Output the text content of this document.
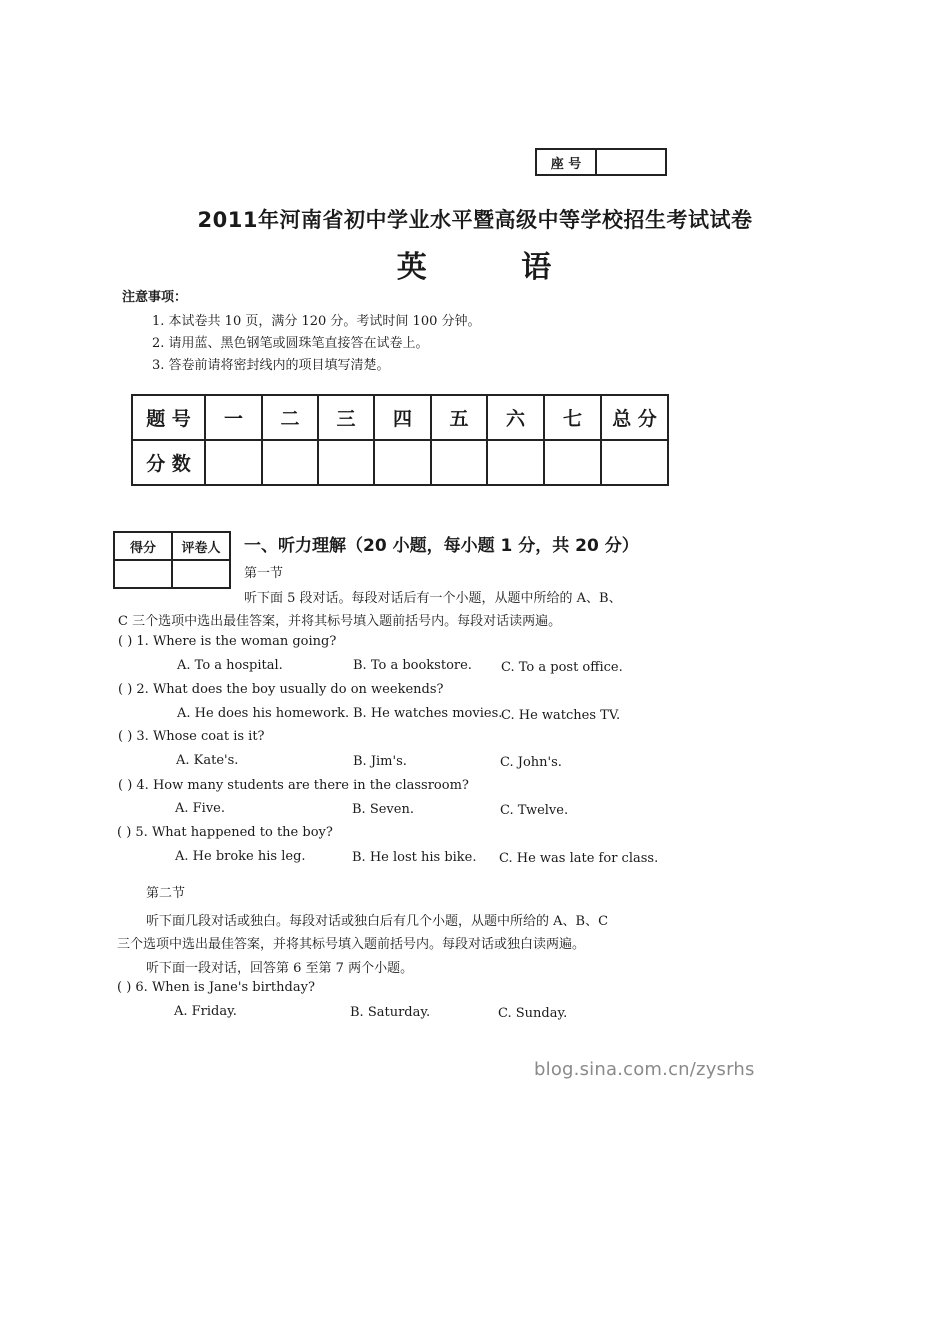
座 号
2011年河南省初中学业水平暨高级中等学校招生考试试卷
英 语
注意事项：
1. 本试卷共 10 页，满分 120 分。考试时间 100 分钟。
2. 请用蓝、黑色钢笔或圆珠笔直接答在试卷上。
3. 答卷前请将密封线内的项目填写清楚。
题 号	一	二	三	四	五	六	七	总 分
分 数								
得分	评卷人
	一、听力理解（20 小题，每小题 1 分，共 20 分）
第一节
听下面 5 段对话。每段对话后有一个小题，从题中所给的 A、B、
C 三个选项中选出最佳答案，并将其标号填入题前括号内。每段对话读两遍。
( ) 1. Where is the woman going?
A. To a hospital.	B. To a bookstore. C. To a post office.
( ) 2. What does the boy usually do on weekends?
A. He does his homework. B. He watches movies.
C. He watches TV.
( ) 3. Whose coat is it?
A. Kate's.	B. Jim's.	C. John's.
( ) 4. How many students are there in the classroom?
A. Five.	B. Seven.	C. Twelve.
( ) 5. What happened to the boy?
A. He broke his leg.	B. He lost his bike. C. He was late for class.
第二节
听下面几段对话或独白。每段对话或独白后有几个小题，从题中所给的 A、B、C
三个选项中选出最佳答案，并将其标号填入题前括号内。每段对话或独白读两遍。
听下面一段对话，回答第 6 至第 7 两个小题。
( ) 6. When is Jane's birthday?
A. Friday.	B. Saturday.	C. Sunday.
blog.sina.com.cn/zysrhs
